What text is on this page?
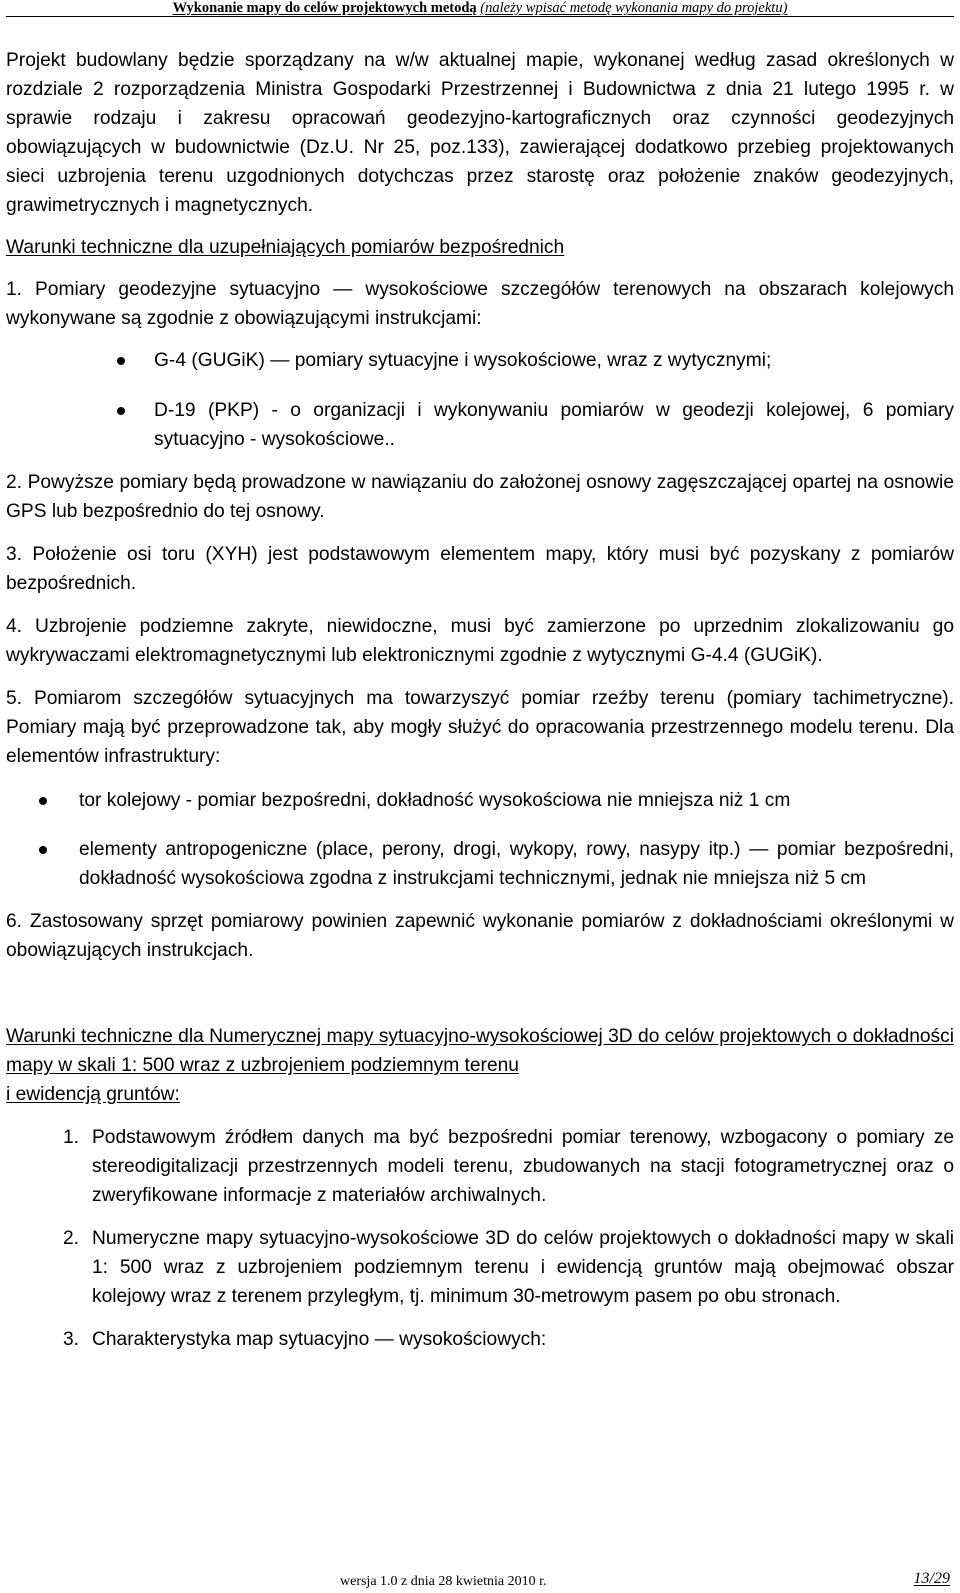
Wykonanie mapy do celów projektowych metodą (należy wpisać metodę wykonania mapy do projektu)

Projekt budowlany będzie sporządzany na w/w aktualnej mapie, wykonanej według zasad określonych w rozdziale 2 rozporządzenia Ministra Gospodarki Przestrzennej i Budownictwa z dnia 21 lutego 1995 r. w sprawie rodzaju i zakresu opracowań geodezyjno-kartograficznych oraz czynności geodezyjnych obowiązujących w budownictwie (Dz.U. Nr 25, poz.133), zawierającej dodatkowo przebieg projektowanych sieci uzbrojenia terenu uzgodnionych dotychczas przez starostę oraz położenie znaków geodezyjnych, grawimetrycznych i magnetycznych.

Warunki techniczne dla uzupełniających pomiarów bezpośrednich

1. Pomiary geodezyjne sytuacyjno — wysokościowe szczegółów terenowych na obszarach kolejowych wykonywane są zgodnie z obowiązującymi instrukcjami:

G-4 (GUGiK) — pomiary sytuacyjne i wysokościowe, wraz z wytycznymi;
D-19 (PKP) - o organizacji i wykonywaniu pomiarów w geodezji kolejowej, 6 pomiary sytuacyjno - wysokościowe..

2. Powyższe pomiary będą prowadzone w nawiązaniu do założonej osnowy zagęszczającej opartej na osnowie GPS lub bezpośrednio do tej osnowy.

3. Położenie osi toru (XYH) jest podstawowym elementem mapy, który musi być pozyskany z pomiarów bezpośrednich.

4. Uzbrojenie podziemne zakryte, niewidoczne, musi być zamierzone po uprzednim zlokalizowaniu go wykrywaczami elektromagnetycznymi lub elektronicznymi zgodnie z wytycznymi G-4.4 (GUGiK).

5. Pomiarom szczegółów sytuacyjnych ma towarzyszyć pomiar rzeźby terenu (pomiary tachimetryczne). Pomiary mają być przeprowadzone tak, aby mogły służyć do opracowania przestrzennego modelu terenu. Dla elementów infrastruktury:

tor kolejowy - pomiar bezpośredni, dokładność wysokościowa nie mniejsza niż 1 cm
elementy antropogeniczne (place, perony, drogi, wykopy, rowy, nasypy itp.) — pomiar bezpośredni, dokładność wysokościowa zgodna z instrukcjami technicznymi, jednak nie mniejsza niż 5 cm

6. Zastosowany sprzęt pomiarowy powinien zapewnić wykonanie pomiarów z dokładnościami określonymi w obowiązujących instrukcjach.

Warunki techniczne dla Numerycznej mapy sytuacyjno-wysokościowej 3D do celów projektowych o dokładności mapy w skali 1: 500 wraz z uzbrojeniem podziemnym terenu

i ewidencją gruntów:

1. Podstawowym źródłem danych ma być bezpośredni pomiar terenowy, wzbogacony o pomiary ze stereodigitalizacji przestrzennych modeli terenu, zbudowanych na stacji fotogrametrycznej oraz o zweryfikowane informacje z materiałów archiwalnych.
2. Numeryczne mapy sytuacyjno-wysokościowe 3D do celów projektowych o dokładności mapy w skali 1: 500 wraz z uzbrojeniem podziemnym terenu i ewidencją gruntów mają obejmować obszar kolejowy wraz z terenem przyległym, tj. minimum 30-metrowym pasem po obu stronach.
3. Charakterystyka map sytuacyjno — wysokościowych:
wersja 1.0 z dnia 28 kwietnia 2010 r.	13/29
